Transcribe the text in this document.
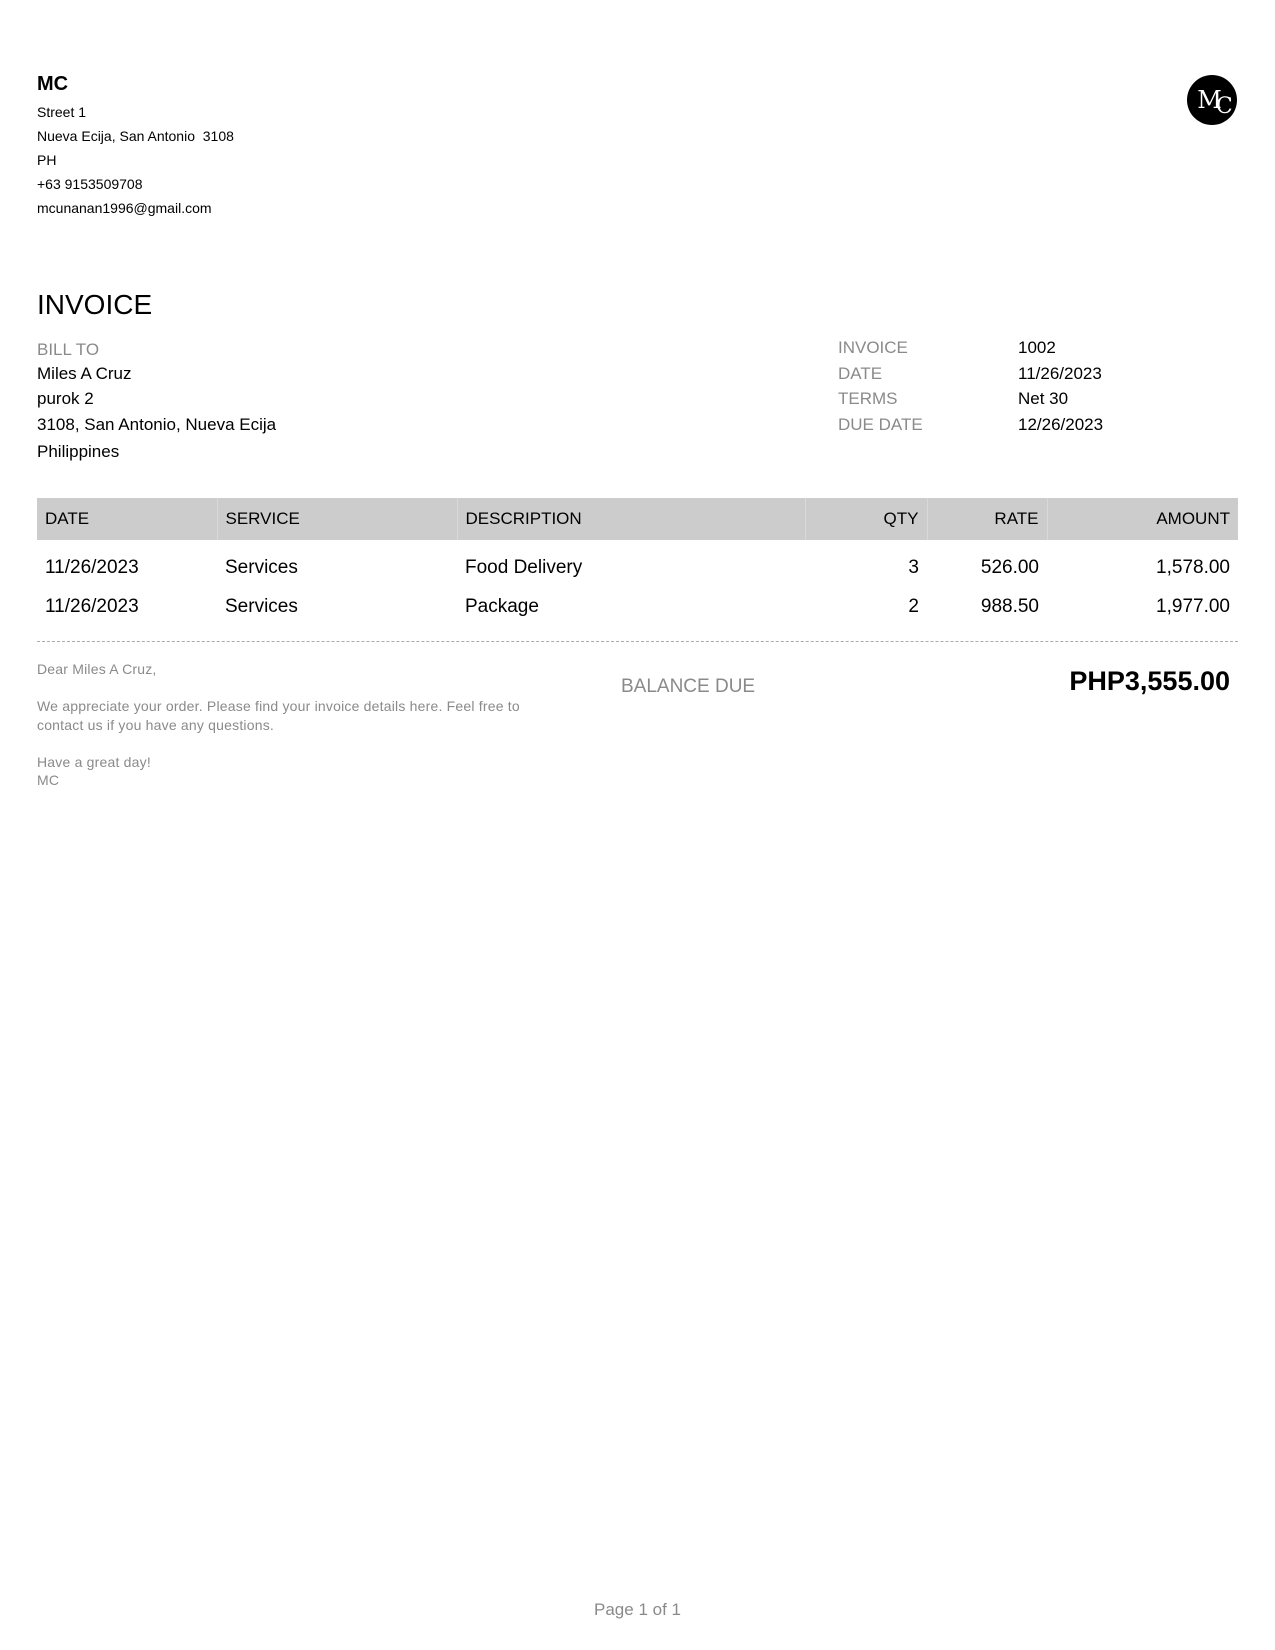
MC
Street 1
Nueva Ecija, San Antonio  3108
PH
+63 9153509708
mcunanan1996@gmail.com
M C
INVOICE
BILL TO
Miles A Cruz
purok 2
3108, San Antonio, Nueva Ecija
Philippines
INVOICE	1002
DATE	11/26/2023
TERMS	Net 30
DUE DATE	12/26/2023
DATE	SERVICE	DESCRIPTION	QTY	RATE	AMOUNT
11/26/2023	Services	Food Delivery	3	526.00	1,578.00
11/26/2023	Services	Package	2	988.50	1,977.00
Dear Miles A Cruz,
We appreciate your order. Please find your invoice details here. Feel free to contact us if you have any questions.
Have a great day!
MC
BALANCE DUE	PHP3,555.00
Page 1 of 1
